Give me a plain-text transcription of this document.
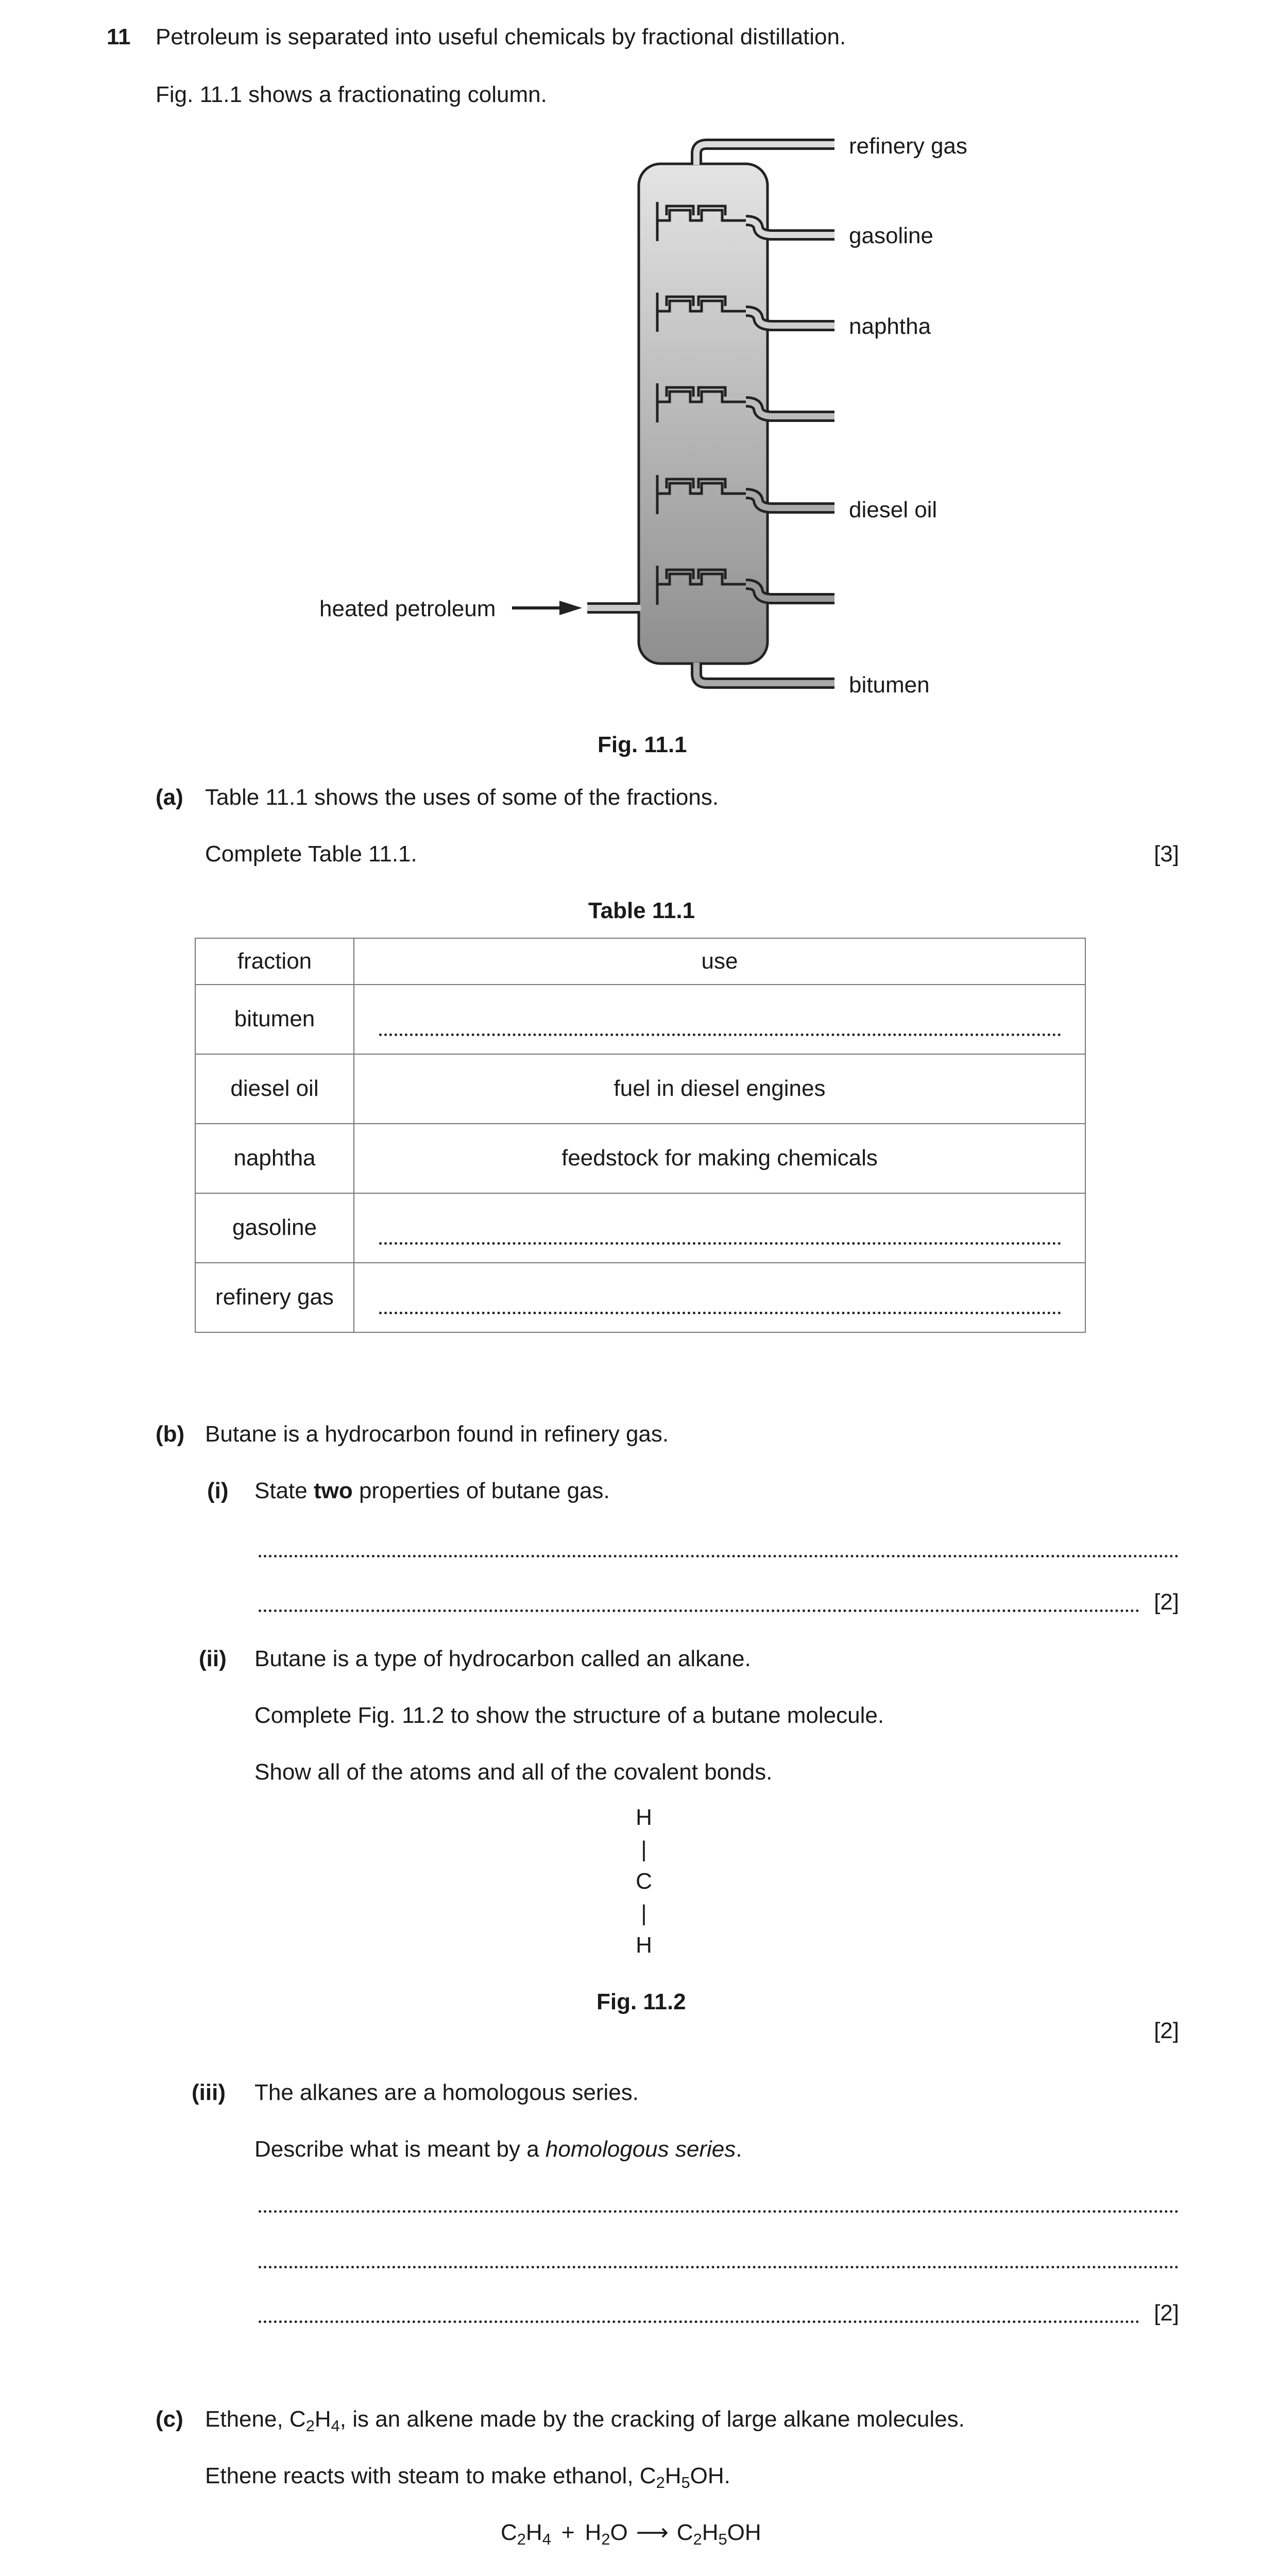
11 Petroleum is separated into useful chemicals by fractional distillation.
Fig. 11.1 shows a fractionating column.
heated petroleum
refinery gas
gasoline
naphtha
diesel oil
bitumen
Fig. 11.1
(a) Table 11.1 shows the uses of some of the fractions.
Complete Table 11.1.	[3]
Table 11.1
fraction	use
bitumen	

diesel oil	fuel in diesel engines
naphtha	feedstock for making chemicals
gasoline	

refinery gas	
(b) Butane is a hydrocarbon found in refinery gas.
(i) State two properties of butane gas.
[2]
(ii) Butane is a type of hydrocarbon called an alkane.
Complete Fig. 11.2 to show the structure of a butane molecule.
Show all of the atoms and all of the covalent bonds.
H
|
C
|
H
Fig. 11.2
[2]
(iii) The alkanes are a homologous series.
Describe what is meant by a homologous series.
[2]
(c) Ethene, $C_2H_4$, is an alkene made by the cracking of large alkane molecules.
Ethene reacts with steam to make ethanol, $C_2H_5OH$.
$C_2H_4 + H_2O$ ⟶ $C_2H_5OH$
